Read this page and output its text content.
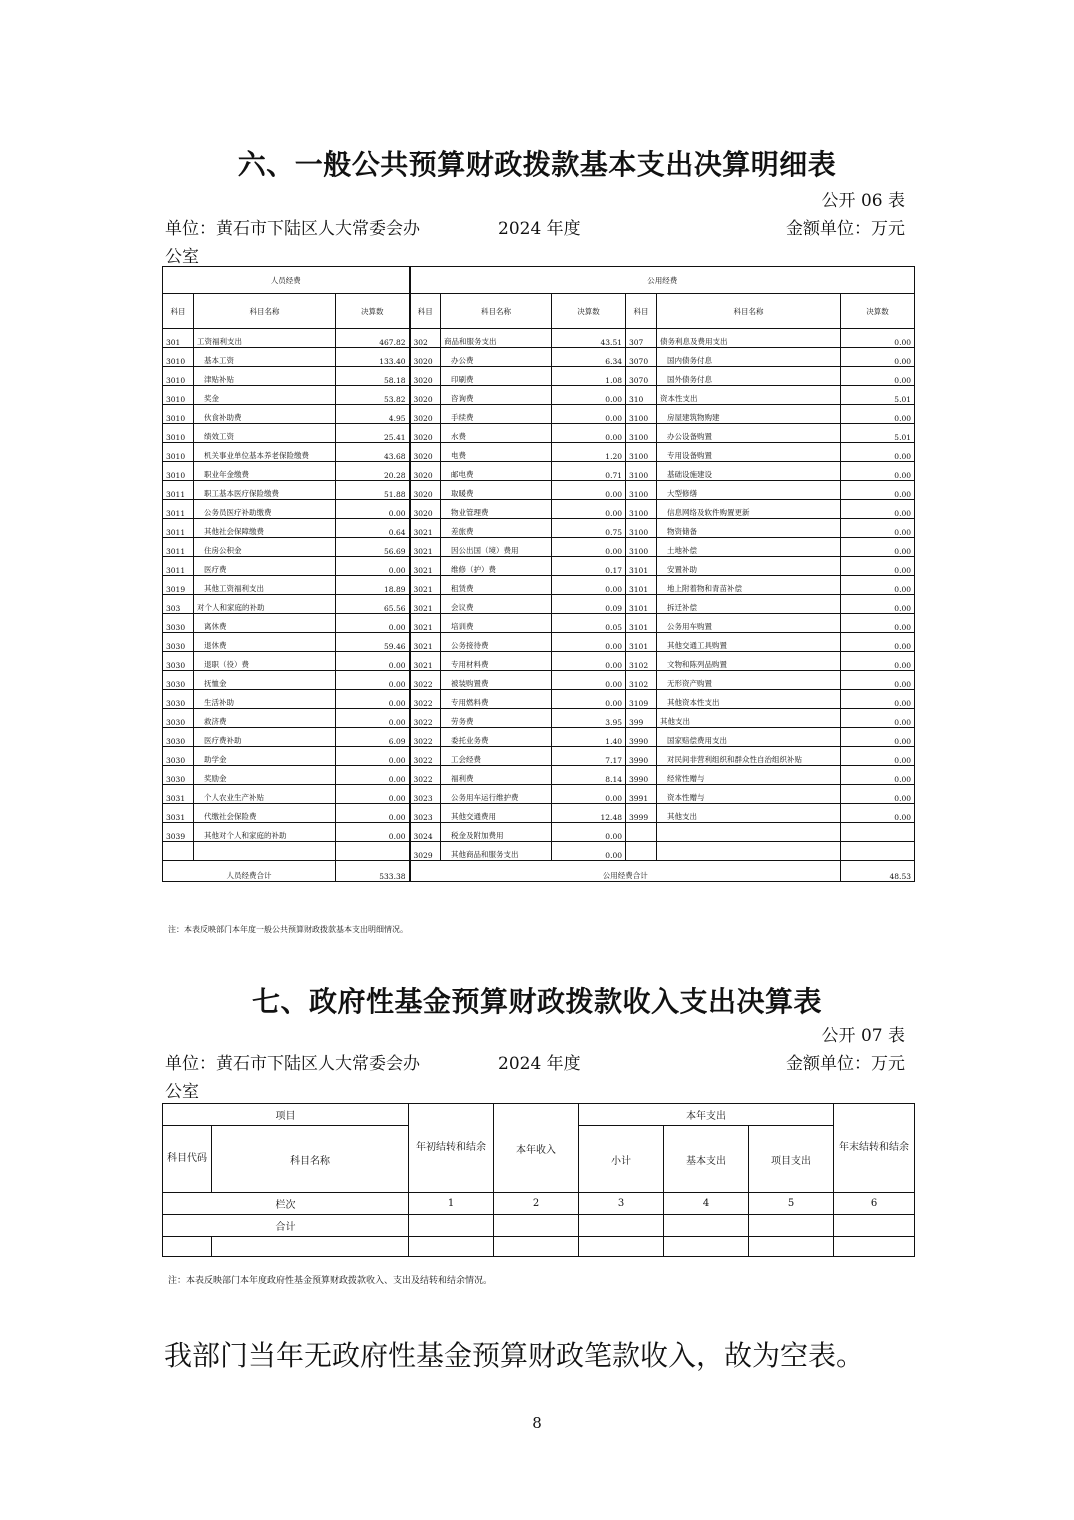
六、一般公共预算财政拨款基本支出决算明细表
公开 06 表
单位：黄石市下陆区人大常委会办	2024 年度	金额单位：万元
公室
人员经费			公用经费					
科目	科目名称	决算数	科目	科目名称	决算数	科目	科目名称	决算数
301	工资福利支出	467.82	302	商品和服务支出	43.51	307	债务利息及费用支出	0.00
3010	基本工资	133.40	3020	办公费	6.34	3070	国内债务付息	0.00
3010	津贴补贴	58.18	3020	印刷费	1.08	3070	国外债务付息	0.00
3010	奖金	53.82	3020	咨询费	0.00	310	资本性支出	5.01
3010	伙食补助费	4.95	3020	手续费	0.00	3100	房屋建筑物购建	0.00
3010	绩效工资	25.41	3020	水费	0.00	3100	办公设备购置	5.01
3010	机关事业单位基本养老保险缴费	43.68	3020	电费	1.20	3100	专用设备购置	0.00
3010	职业年金缴费	20.28	3020	邮电费	0.71	3100	基础设施建设	0.00
3011	职工基本医疗保险缴费	51.88	3020	取暖费	0.00	3100	大型修缮	0.00
3011	公务员医疗补助缴费	0.00	3020	物业管理费	0.00	3100	信息网络及软件购置更新	0.00
3011	其他社会保障缴费	0.64	3021	差旅费	0.75	3100	物资储备	0.00
3011	住房公积金	56.69	3021	因公出国（境）费用	0.00	3100	土地补偿	0.00
3011	医疗费	0.00	3021	维修（护）费	0.17	3101	安置补助	0.00
3019	其他工资福利支出	18.89	3021	租赁费	0.00	3101	地上附着物和青苗补偿	0.00
303	对个人和家庭的补助	65.56	3021	会议费	0.09	3101	拆迁补偿	0.00
3030	离休费	0.00	3021	培训费	0.05	3101	公务用车购置	0.00
3030	退休费	59.46	3021	公务接待费	0.00	3101	其他交通工具购置	0.00
3030	退职（役）费	0.00	3021	专用材料费	0.00	3102	文物和陈列品购置	0.00
3030	抚恤金	0.00	3022	被装购置费	0.00	3102	无形资产购置	0.00
3030	生活补助	0.00	3022	专用燃料费	0.00	3109	其他资本性支出	0.00
3030	救济费	0.00	3022	劳务费	3.95	399	其他支出	0.00
3030	医疗费补助	6.09	3022	委托业务费	1.40	3990	国家赔偿费用支出	0.00
3030	助学金	0.00	3022	工会经费	7.17	3990	对民间非营利组织和群众性自治组织补贴	0.00
3030	奖励金	0.00	3022	福利费	8.14	3990	经常性赠与	0.00
3031	个人农业生产补贴	0.00	3023	公务用车运行维护费	0.00	3991	资本性赠与	0.00
3031	代缴社会保险费	0.00	3023	其他交通费用	12.48	3999	其他支出	0.00
3039	其他对个人和家庭的补助	0.00	3024	税金及附加费用	0.00			
			3029	其他商品和服务支出	0.00			
人员经费合计		533.38	公用经费合计					48.53
注：本表反映部门本年度一般公共预算财政拨款基本支出明细情况。
七、政府性基金预算财政拨款收入支出决算表
公开 07 表
单位：黄石市下陆区人大常委会办	2024 年度	金额单位：万元
公室
项目		年初结转和结余	本年收入	本年支出			年末结转和结余
科目代码	科目名称			小计	基本支出	项目支出	
栏次		1	2	3	4	5	6
合计							

注：本表反映部门本年度政府性基金预算财政拨款收入、支出及结转和结余情况。
我部门当年无政府性基金预算财政笔款收入，故为空表。
8
